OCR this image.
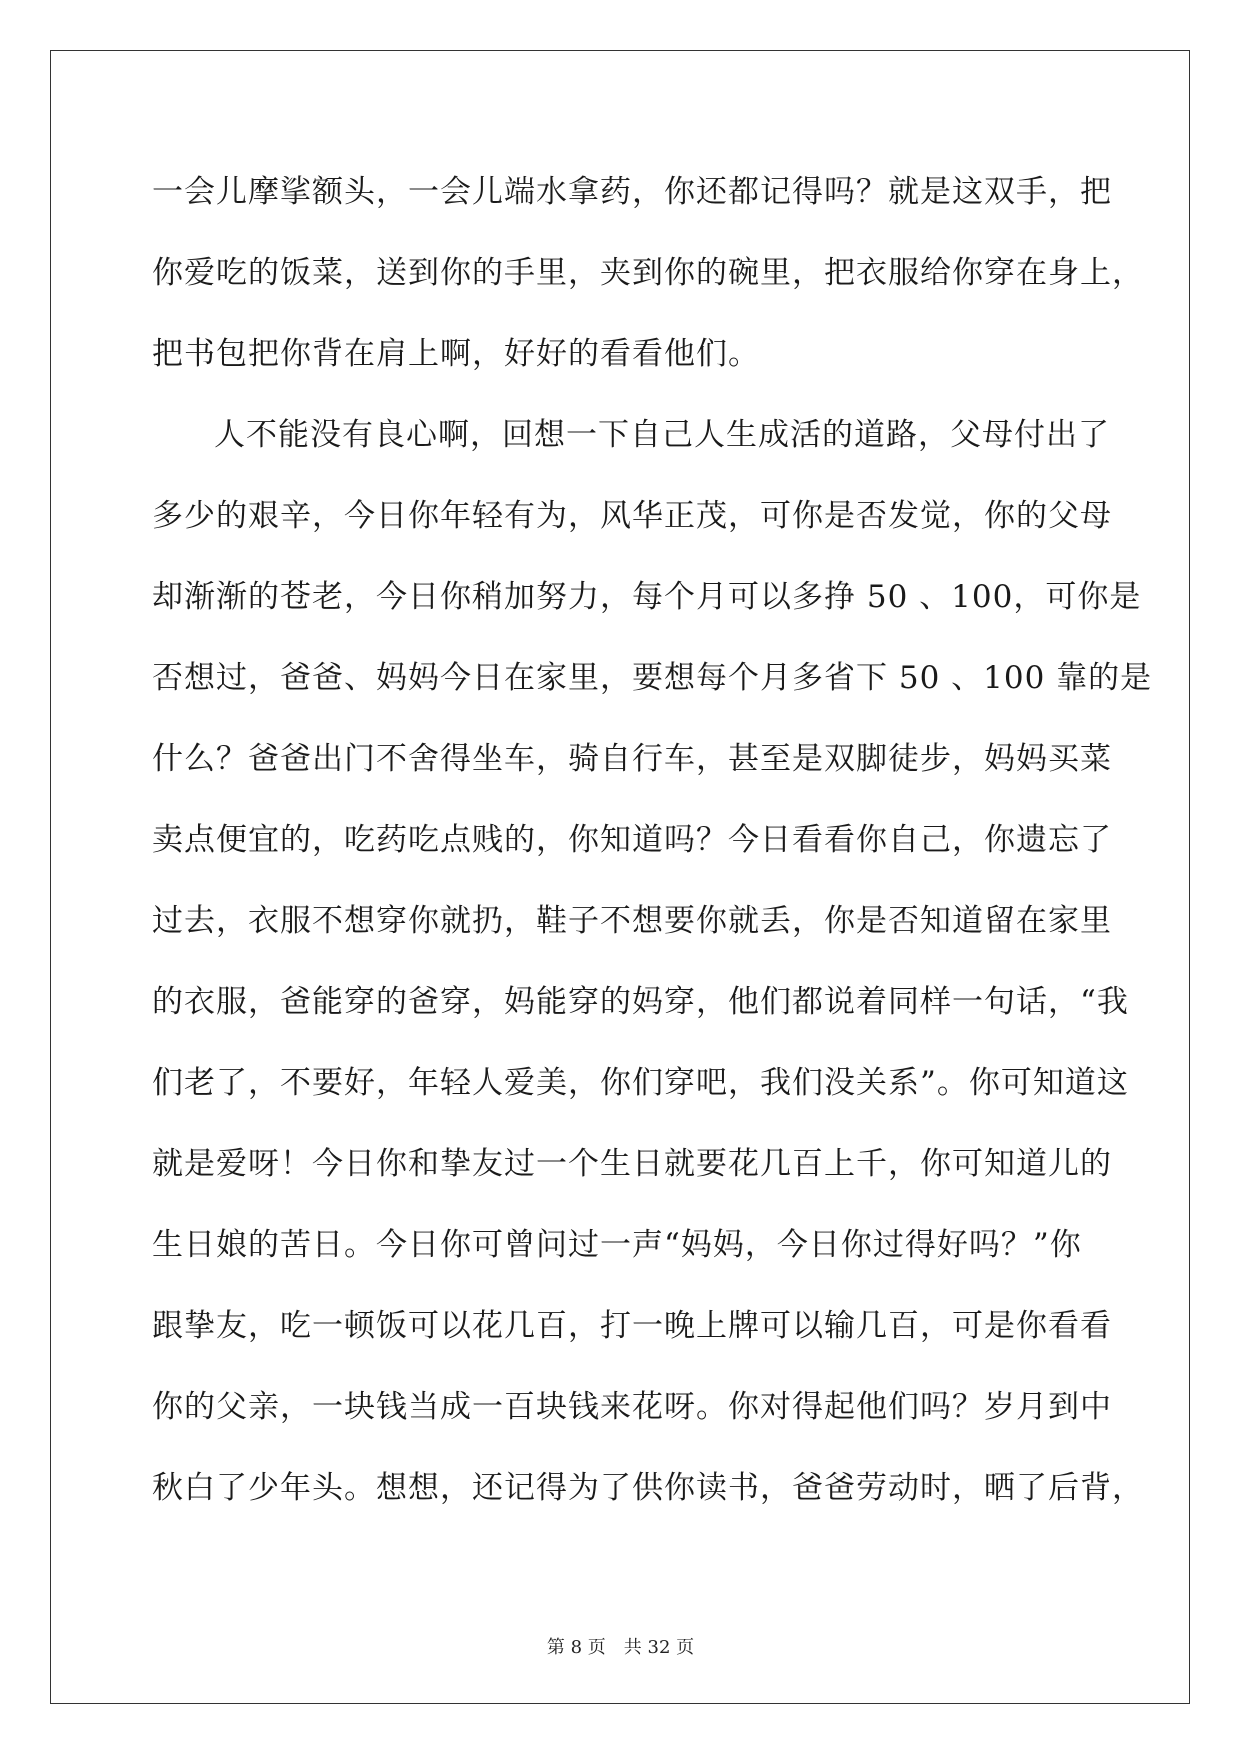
一会儿摩挲额头，一会儿端水拿药，你还都记得吗？就是这双手，把
你爱吃的饭菜，送到你的手里，夹到你的碗里，把衣服给你穿在身上，
把书包把你背在肩上啊，好好的看看他们。
人不能没有良心啊，回想一下自己人生成活的道路，父母付出了
多少的艰辛，今日你年轻有为，风华正茂，可你是否发觉，你的父母
却渐渐的苍老，今日你稍加努力，每个月可以多挣 50 、100，可你是
否想过，爸爸、妈妈今日在家里，要想每个月多省下 50 、100 靠的是
什么？爸爸出门不舍得坐车，骑自行车，甚至是双脚徒步，妈妈买菜
卖点便宜的，吃药吃点贱的，你知道吗？今日看看你自己，你遗忘了
过去，衣服不想穿你就扔，鞋子不想要你就丢，你是否知道留在家里
的衣服，爸能穿的爸穿，妈能穿的妈穿，他们都说着同样一句话，“我
们老了，不要好，年轻人爱美，你们穿吧，我们没关系”。你可知道这
就是爱呀！今日你和挚友过一个生日就要花几百上千，你可知道儿的
生日娘的苦日。今日你可曾问过一声“妈妈，今日你过得好吗？”你
跟挚友，吃一顿饭可以花几百，打一晚上牌可以输几百，可是你看看
你的父亲，一块钱当成一百块钱来花呀。你对得起他们吗？岁月到中
秋白了少年头。想想，还记得为了供你读书，爸爸劳动时，晒了后背，
第 8 页　共 32 页
